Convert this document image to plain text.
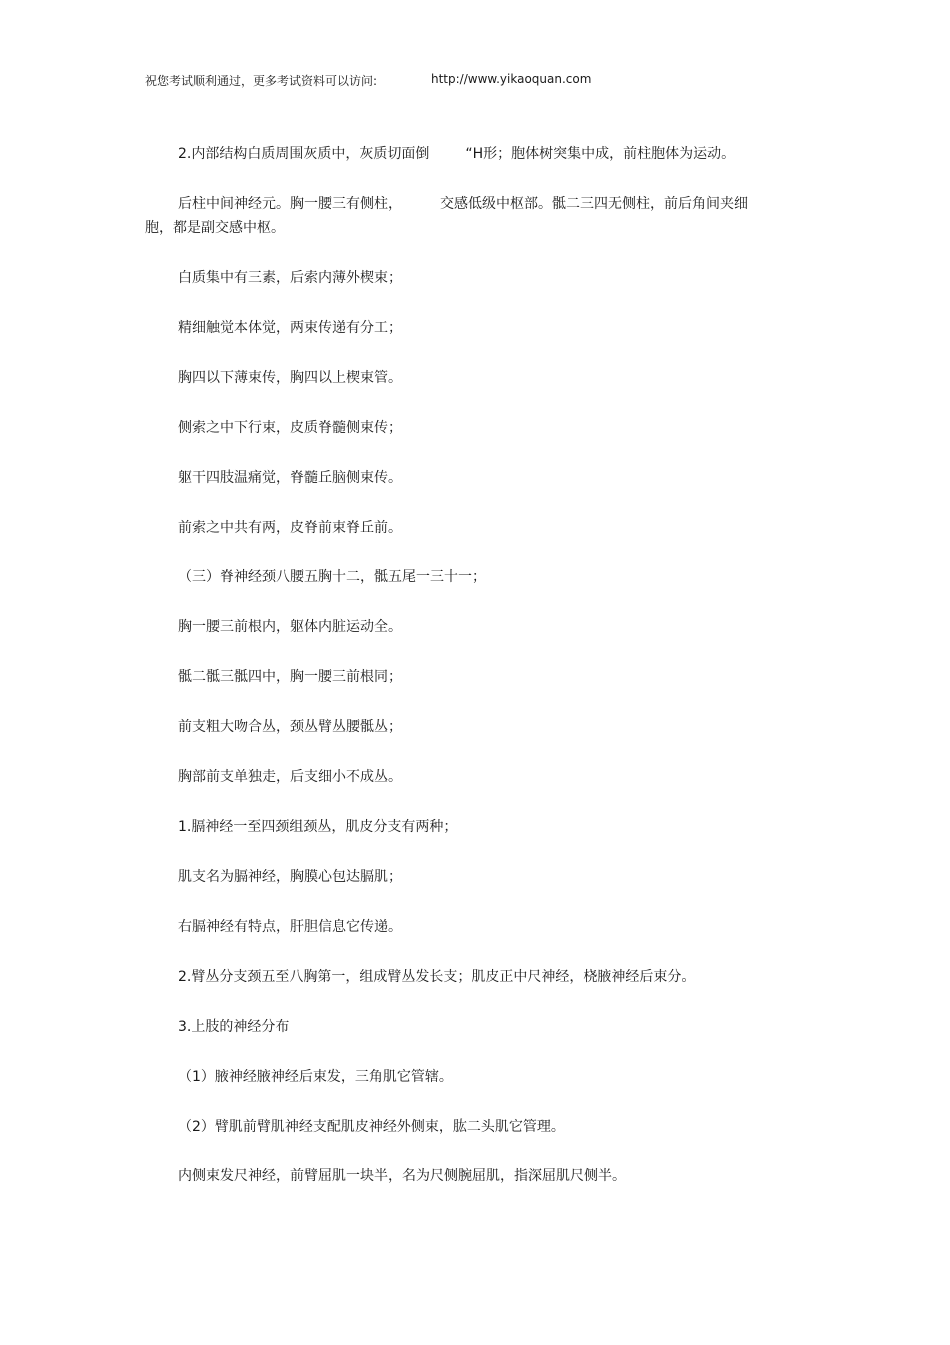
祝您考试顺利通过，更多考试资料可以访问:	http://www.yikaoquan.com
2.内部结构白质周围灰质中，灰质切面倒	“H形；胞体树突集中成，前柱胞体为运动。
后柱中间神经元。胸一腰三有侧柱，	交感低级中枢部。骶二三四无侧柱，前后角间夹细
胞，都是副交感中枢。
白质集中有三素，后索内薄外楔束；
精细触觉本体觉，两束传递有分工；
胸四以下薄束传，胸四以上楔束管。
侧索之中下行束，皮质脊髓侧束传；
躯干四肢温痛觉，脊髓丘脑侧束传。
前索之中共有两，皮脊前束脊丘前。
（三）脊神经颈八腰五胸十二，骶五尾一三十一；
胸一腰三前根内，躯体内脏运动全。
骶二骶三骶四中，胸一腰三前根同；
前支粗大吻合丛，颈丛臂丛腰骶丛；
胸部前支单独走，后支细小不成丛。
1.膈神经一至四颈组颈丛，肌皮分支有两种；
肌支名为膈神经，胸膜心包达膈肌；
右膈神经有特点，肝胆信息它传递。
2.臂丛分支颈五至八胸第一，组成臂丛发长支；肌皮正中尺神经，桡腋神经后束分。
3.上肢的神经分布
（1）腋神经腋神经后束发，三角肌它管辖。
（2）臂肌前臂肌神经支配肌皮神经外侧束，肱二头肌它管理。
内侧束发尺神经，前臂屈肌一块半，名为尺侧腕屈肌，指深屈肌尺侧半。
